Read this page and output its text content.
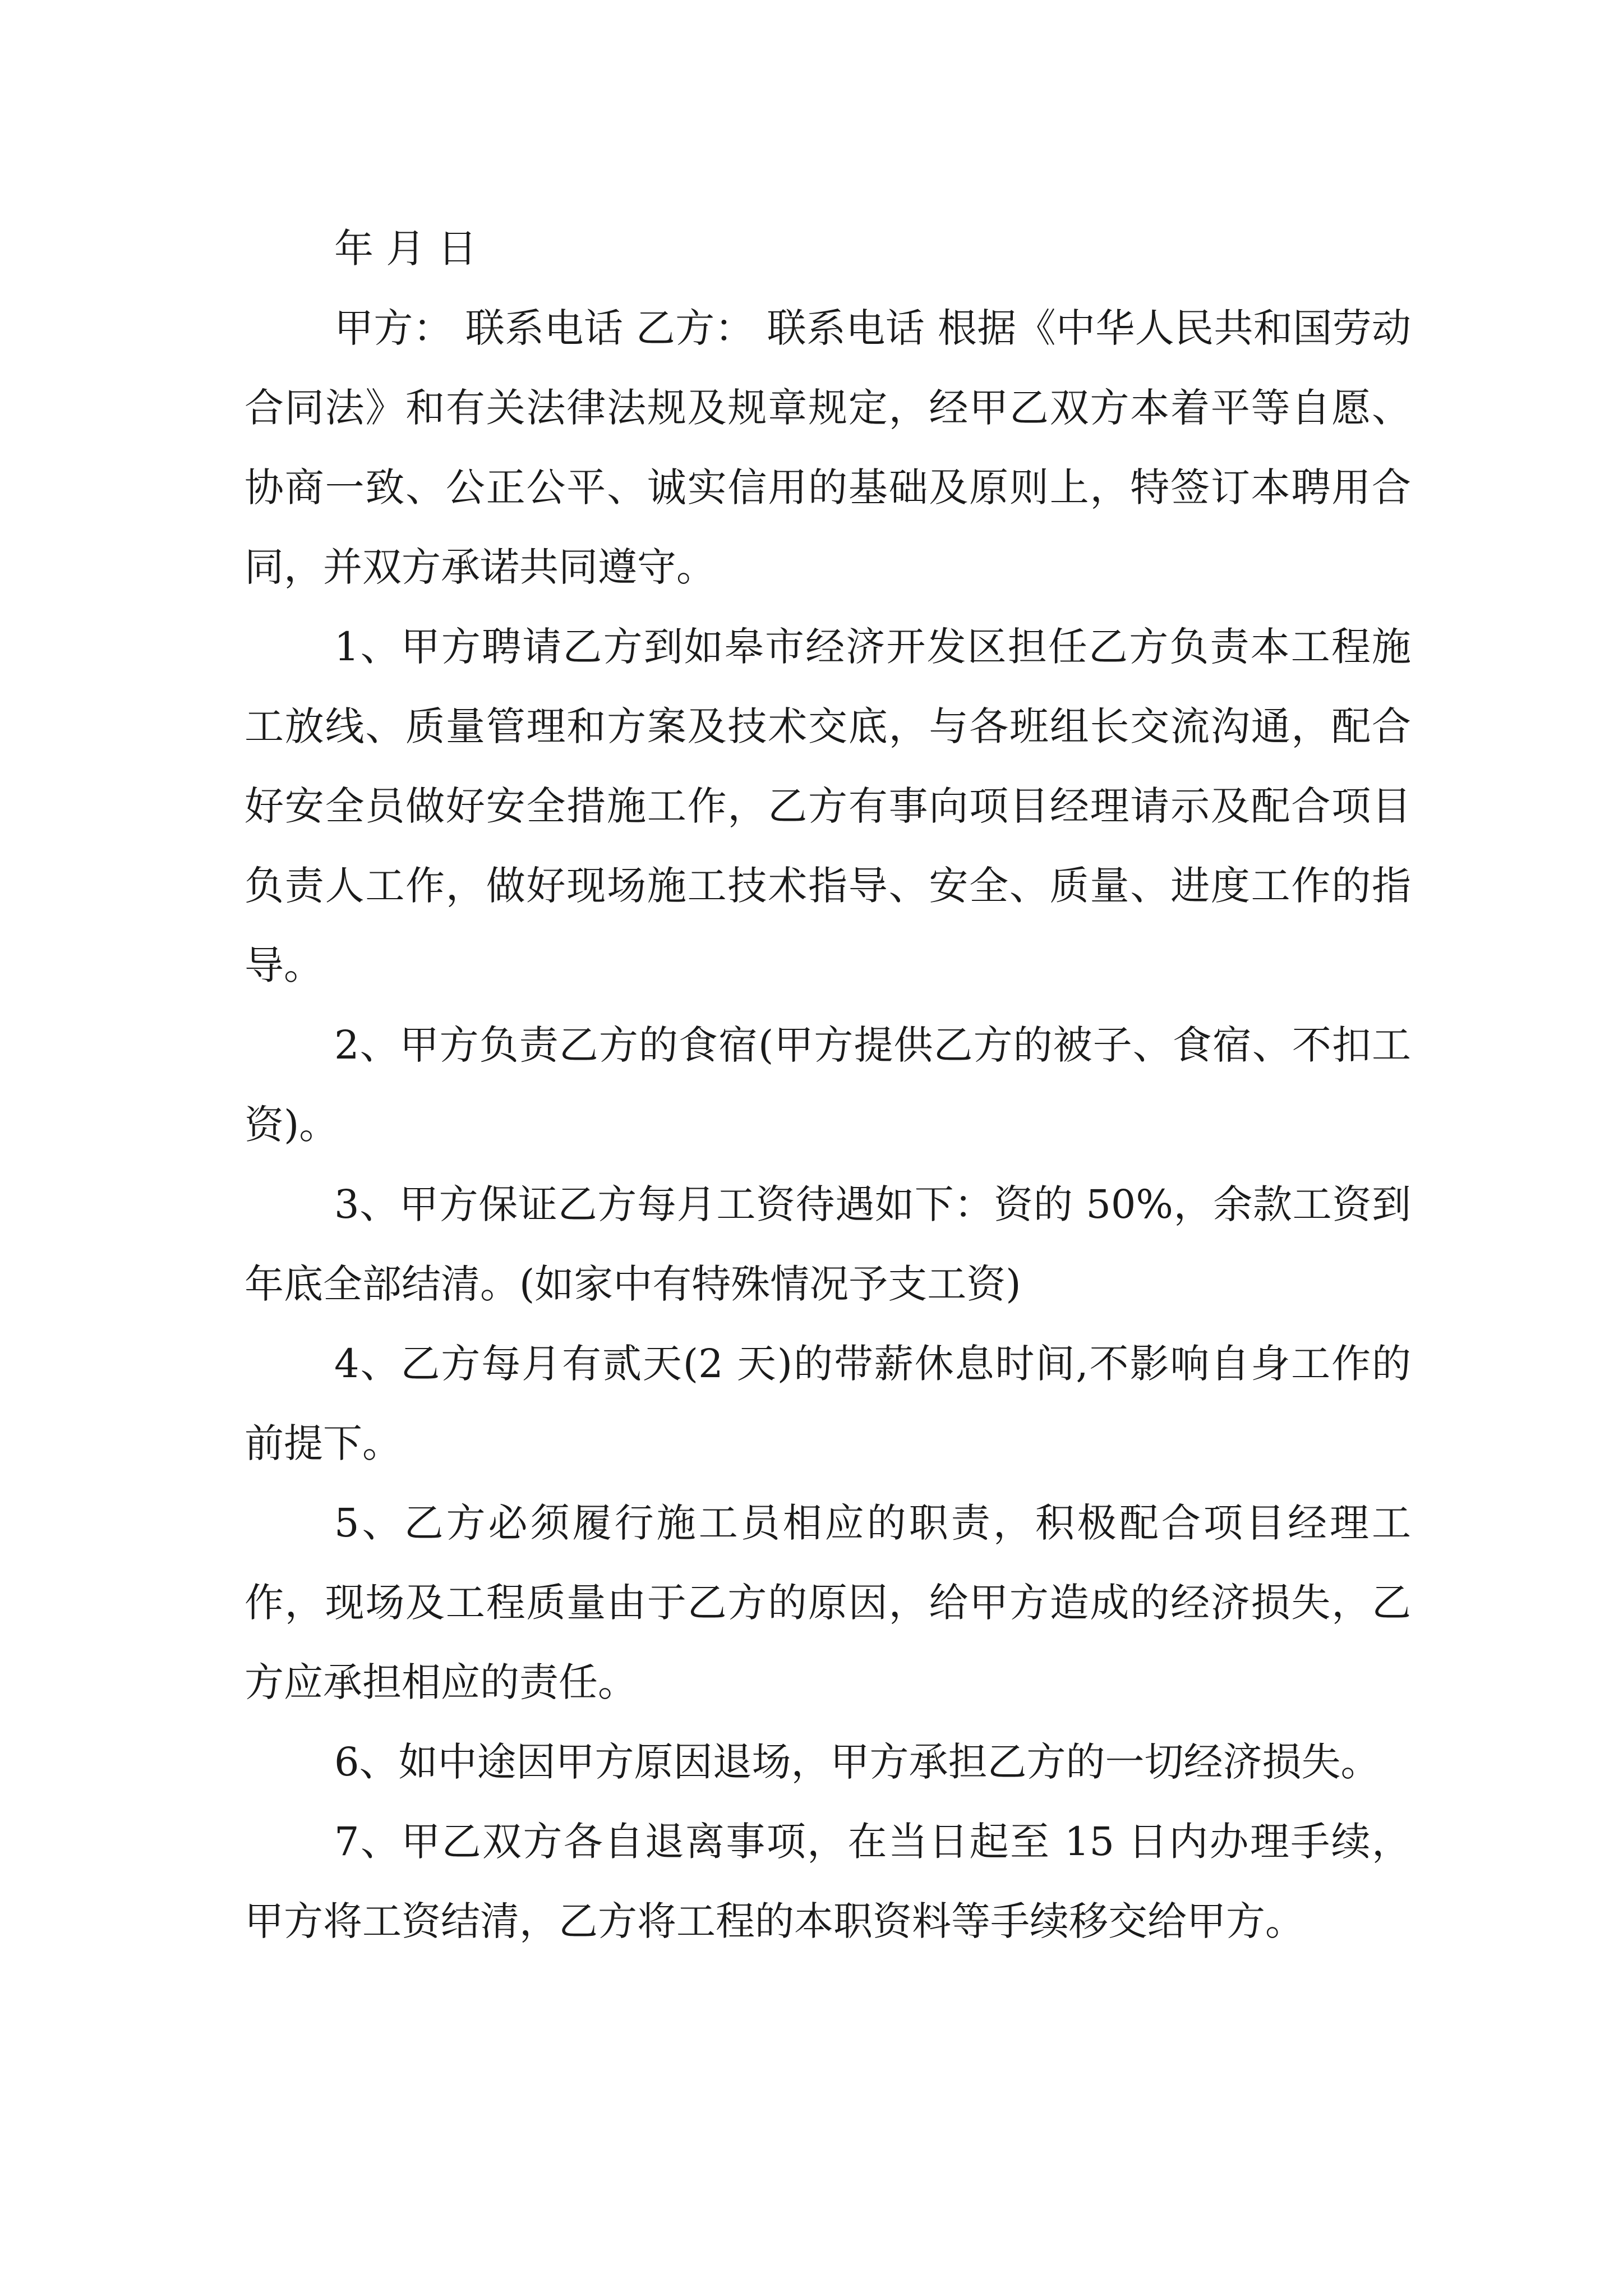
年 月 日

甲方： 联系电话 乙方： 联系电话 根据《中华人民共和国劳动合同法》和有关法律法规及规章规定，经甲乙双方本着平等自愿、协商一致、公正公平、诚实信用的基础及原则上，特签订本聘用合同，并双方承诺共同遵守。

1、甲方聘请乙方到如皋市经济开发区担任乙方负责本工程施工放线、质量管理和方案及技术交底，与各班组长交流沟通，配合好安全员做好安全措施工作，乙方有事向项目经理请示及配合项目负责人工作，做好现场施工技术指导、安全、质量、进度工作的指导。

2、甲方负责乙方的食宿(甲方提供乙方的被子、食宿、不扣工资)。

3、甲方保证乙方每月工资待遇如下：资的 50%，余款工资到年底全部结清。(如家中有特殊情况予支工资)

4、乙方每月有贰天(2 天)的带薪休息时间,不影响自身工作的前提下。

5、乙方必须履行施工员相应的职责，积极配合项目经理工作，现场及工程质量由于乙方的原因，给甲方造成的经济损失，乙方应承担相应的责任。

6、如中途因甲方原因退场，甲方承担乙方的一切经济损失。

7、甲乙双方各自退离事项，在当日起至 15 日内办理手续，甲方将工资结清，乙方将工程的本职资料等手续移交给甲方。
